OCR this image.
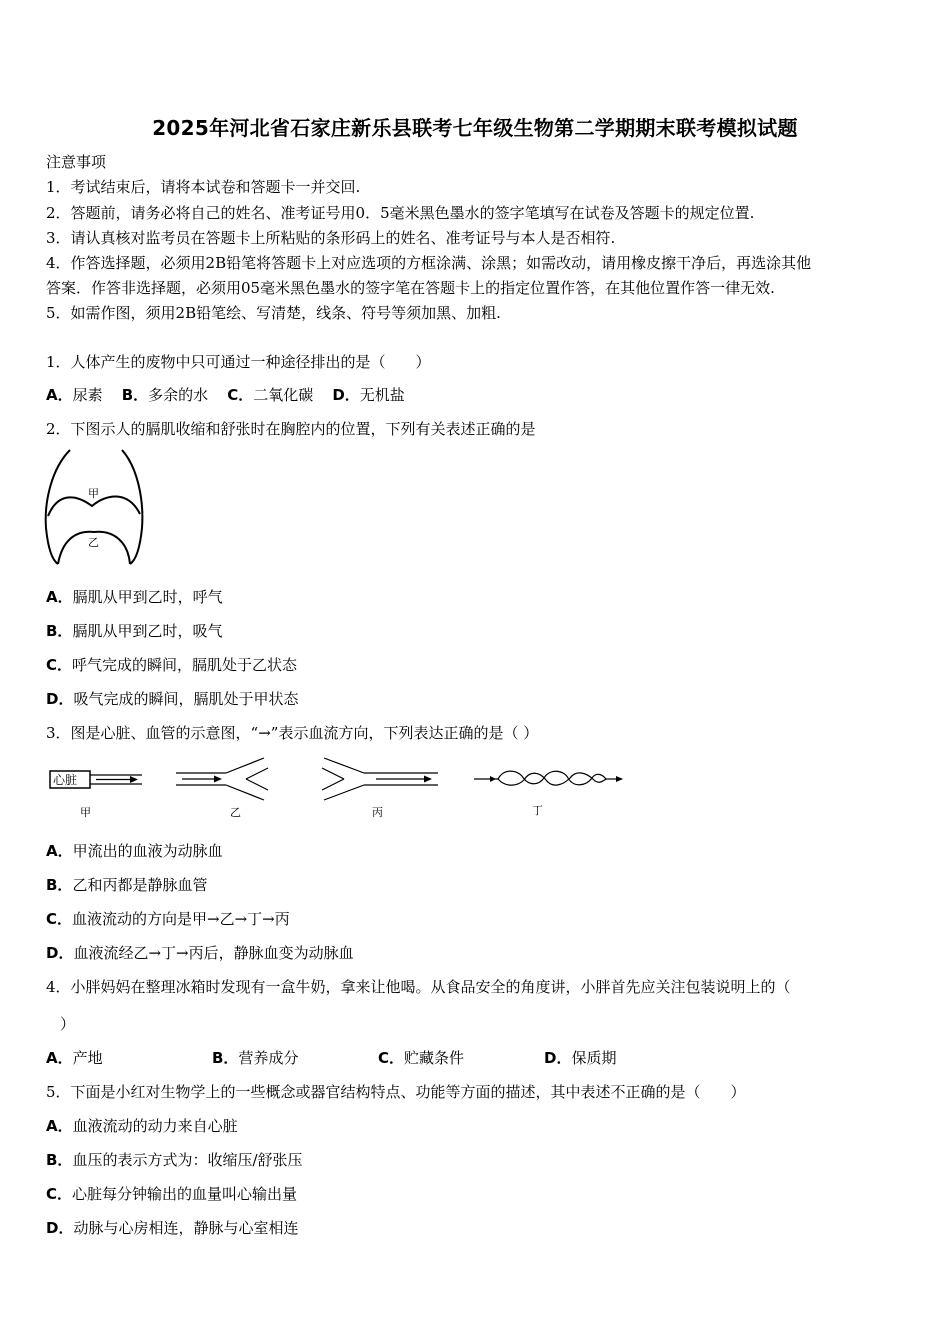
2025年河北省石家庄新乐县联考七年级生物第二学期期末联考模拟试题
注意事项
1．考试结束后，请将本试卷和答题卡一并交回.
2．答题前，请务必将自己的姓名、准考证号用0．5毫米黑色墨水的签字笔填写在试卷及答题卡的规定位置.
3．请认真核对监考员在答题卡上所粘贴的条形码上的姓名、准考证号与本人是否相符.
4．作答选择题，必须用2B铅笔将答题卡上对应选项的方框涂满、涂黑；如需改动，请用橡皮擦干净后，再选涂其他
答案．作答非选择题，必须用05毫米黑色墨水的签字笔在答题卡上的指定位置作答，在其他位置作答一律无效.
5．如需作图，须用2B铅笔绘、写清楚，线条、符号等须加黑、加粗.
1．人体产生的废物中只可通过一种途径排出的是（　　）
A．尿素 B．多余的水 C．二氧化碳 D．无机盐
2．下图示人的膈肌收缩和舒张时在胸腔内的位置，下列有关表述正确的是
甲
乙
A．膈肌从甲到乙时，呼气
B．膈肌从甲到乙时，吸气
C．呼气完成的瞬间，膈肌处于乙状态
D．吸气完成的瞬间，膈肌处于甲状态
3．图是心脏、血管的示意图，“→”表示血流方向，下列表达正确的是（ ）
心脏
甲	乙	丙	丁
A．甲流出的血液为动脉血
B．乙和丙都是静脉血管
C．血液流动的方向是甲→乙→丁→丙
D．血液流经乙→丁→丙后，静脉血变为动脉血
4．小胖妈妈在整理冰箱时发现有一盒牛奶，拿来让他喝。从食品安全的角度讲，小胖首先应关注包装说明上的（
）
A．产地	B．营养成分	C．贮藏条件	D．保质期
5．下面是小红对生物学上的一些概念或器官结构特点、功能等方面的描述，其中表述不正确的是（　　）
A．血液流动的动力来自心脏
B．血压的表示方式为：收缩压/舒张压
C．心脏每分钟输出的血量叫心输出量
D．动脉与心房相连，静脉与心室相连
